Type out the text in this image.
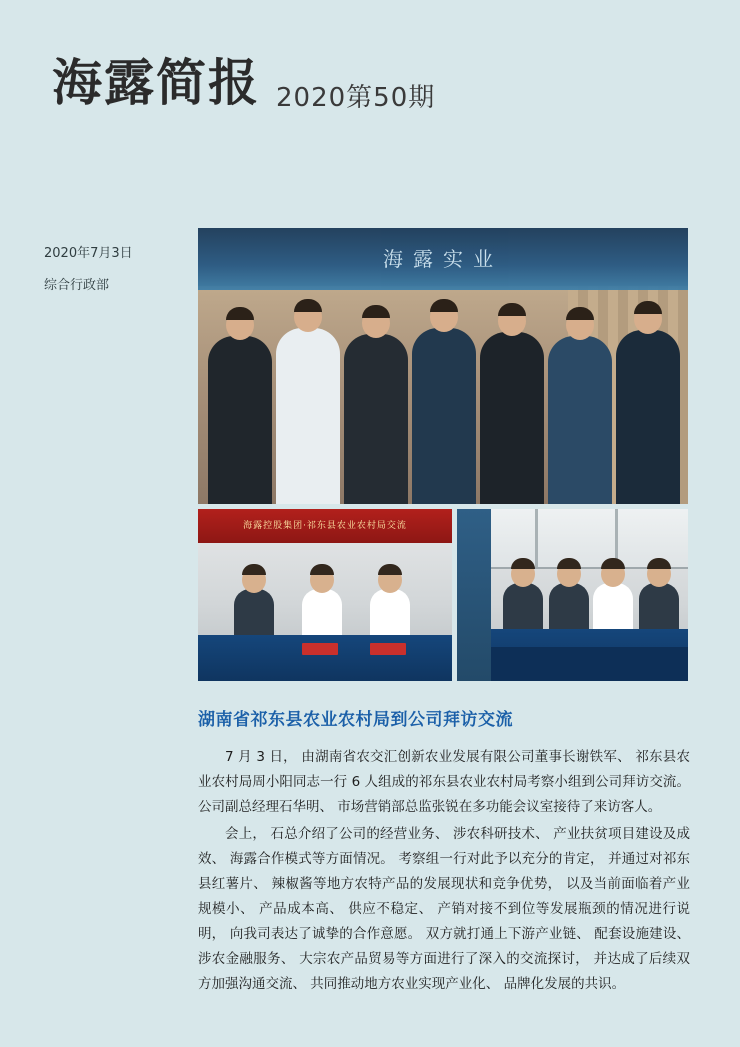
海露简报 2020第50期
2020年7月3日
综合行政部
海露实业
海露控股集团·祁东县农业农村局交流
湖南省祁东县农业农村局到公司拜访交流

7 月 3 日， 由湖南省农交汇创新农业发展有限公司董事长谢铁军、 祁东县农业农村局周小阳同志一行 6 人组成的祁东县农业农村局考察小组到公司拜访交流。 公司副总经理石华明、 市场营销部总监张锐在多功能会议室接待了来访客人。

会上， 石总介绍了公司的经营业务、 涉农科研技术、 产业扶贫项目建设及成效、 海露合作模式等方面情况。 考察组一行对此予以充分的肯定， 并通过对祁东县红薯片、 辣椒酱等地方农特产品的发展现状和竞争优势， 以及当前面临着产业规模小、 产品成本高、 供应不稳定、 产销对接不到位等发展瓶颈的情况进行说明， 向我司表达了诚挚的合作意愿。 双方就打通上下游产业链、 配套设施建设、 涉农金融服务、 大宗农产品贸易等方面进行了深入的交流探讨， 并达成了后续双方加强沟通交流、 共同推动地方农业实现产业化、 品牌化发展的共识。
